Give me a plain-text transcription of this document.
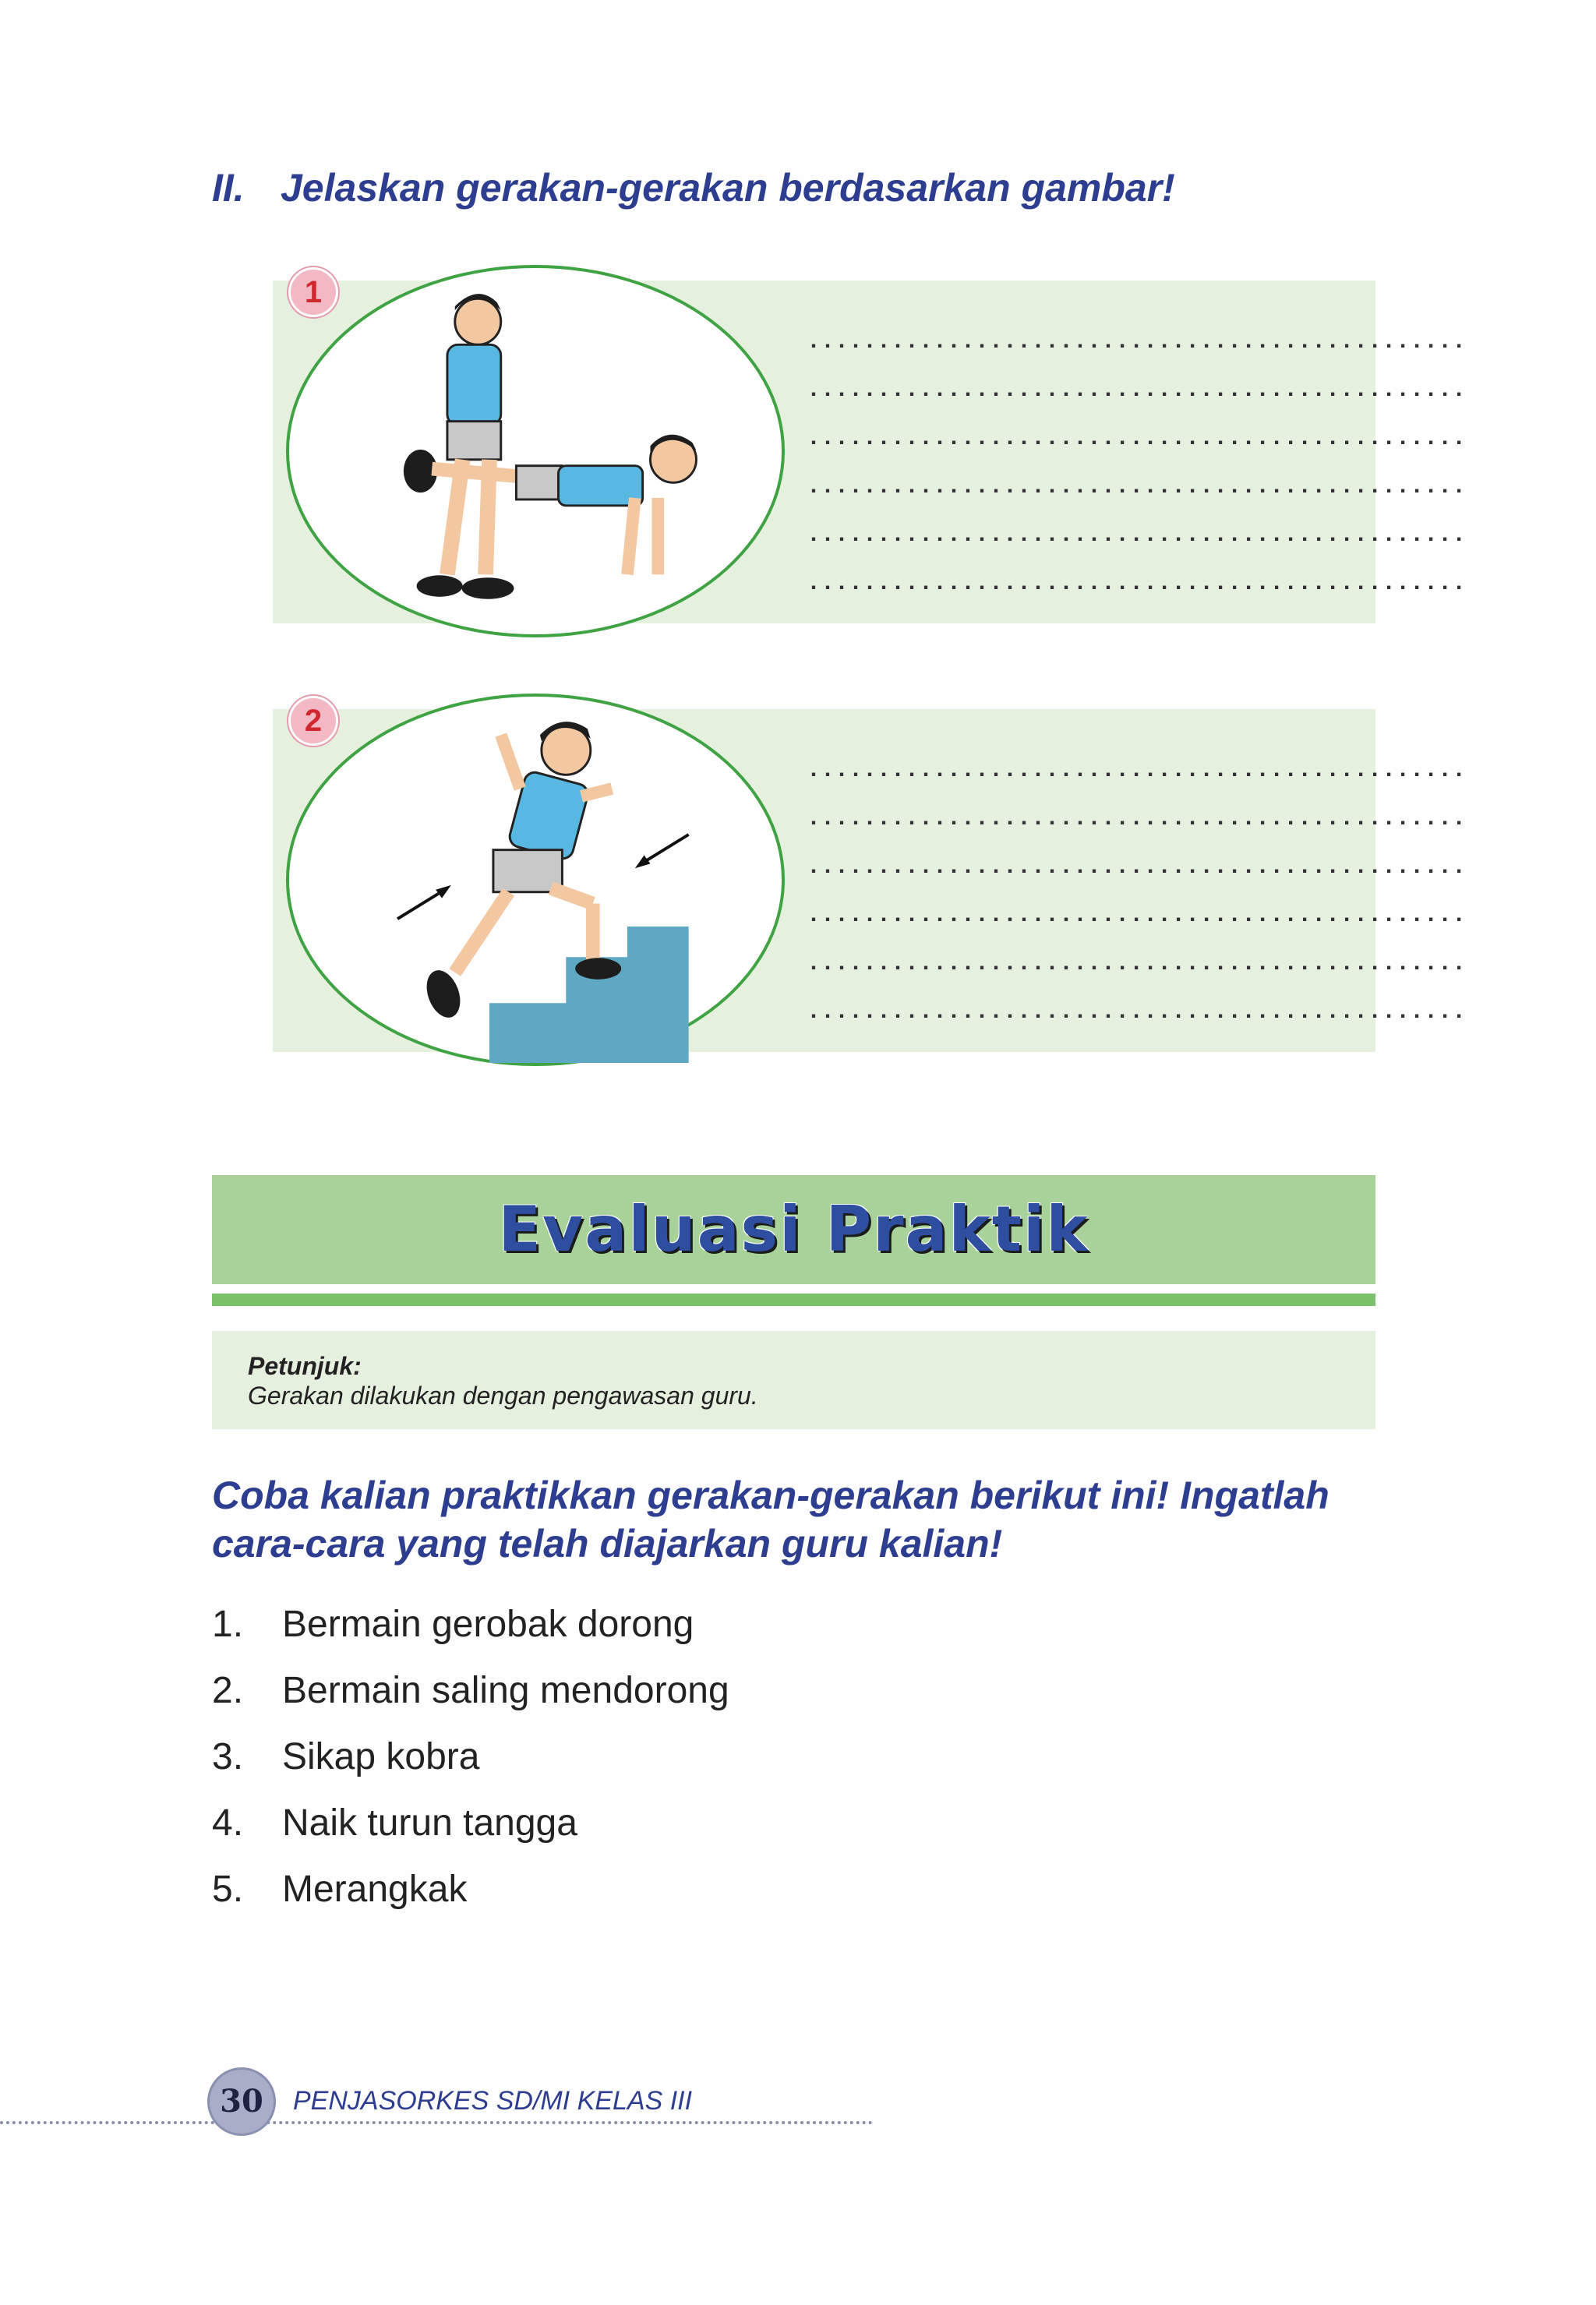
II. Jelaskan gerakan-gerakan berdasarkan gambar!
1
...............................................
...............................................
...............................................
...............................................
...............................................
...............................................
2
...............................................
...............................................
...............................................
...............................................
...............................................
...............................................
Evaluasi Praktik
Petunjuk:
Gerakan dilakukan dengan pengawasan guru.
Coba kalian praktikkan gerakan-gerakan berikut ini! Ingatlah cara-cara yang telah diajarkan guru kalian!
1. Bermain gerobak dorong
2. Bermain saling mendorong
3. Sikap kobra
4. Naik turun tangga
5. Merangkak
30	PENJASORKES SD/MI KELAS III
